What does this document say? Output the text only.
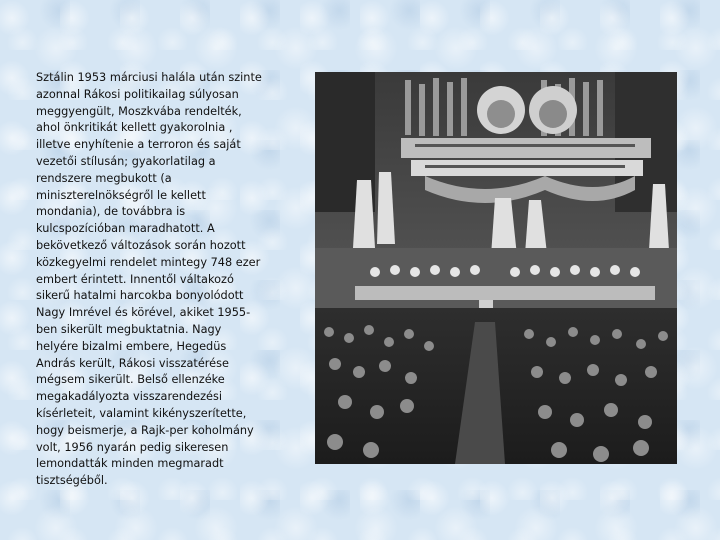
Sztálin 1953 márciusi halála után szinte
azonnal Rákosi politikailag súlyosan
meggyengült, Moszkvába rendelték,
ahol önkritikát kellett gyakorolnia ,
illetve enyhítenie a terroron és saját
vezetői stílusán; gyakorlatilag a
rendszere megbukott (a
miniszterelnökségről le kellett
mondania), de továbbra is
kulcspozícióban maradhatott. A
bekövetkező változások során hozott
közkegyelmi rendelet mintegy 748 ezer
embert érintett. Innentől váltakozó
sikerű hatalmi harcokba bonyolódott
Nagy Imrével és körével, akiket 1955-
ben sikerült megbuktatnia. Nagy
helyére bizalmi embere, Hegedüs
András került, Rákosi visszatérése
mégsem sikerült. Belső ellenzéke
megakadályozta visszarendezési
kísérleteit, valamint kikényszerítette,
hogy beismerje, a Rajk-per koholmány
volt, 1956 nyarán pedig sikeresen
lemondatták minden megmaradt
tisztségéből.
